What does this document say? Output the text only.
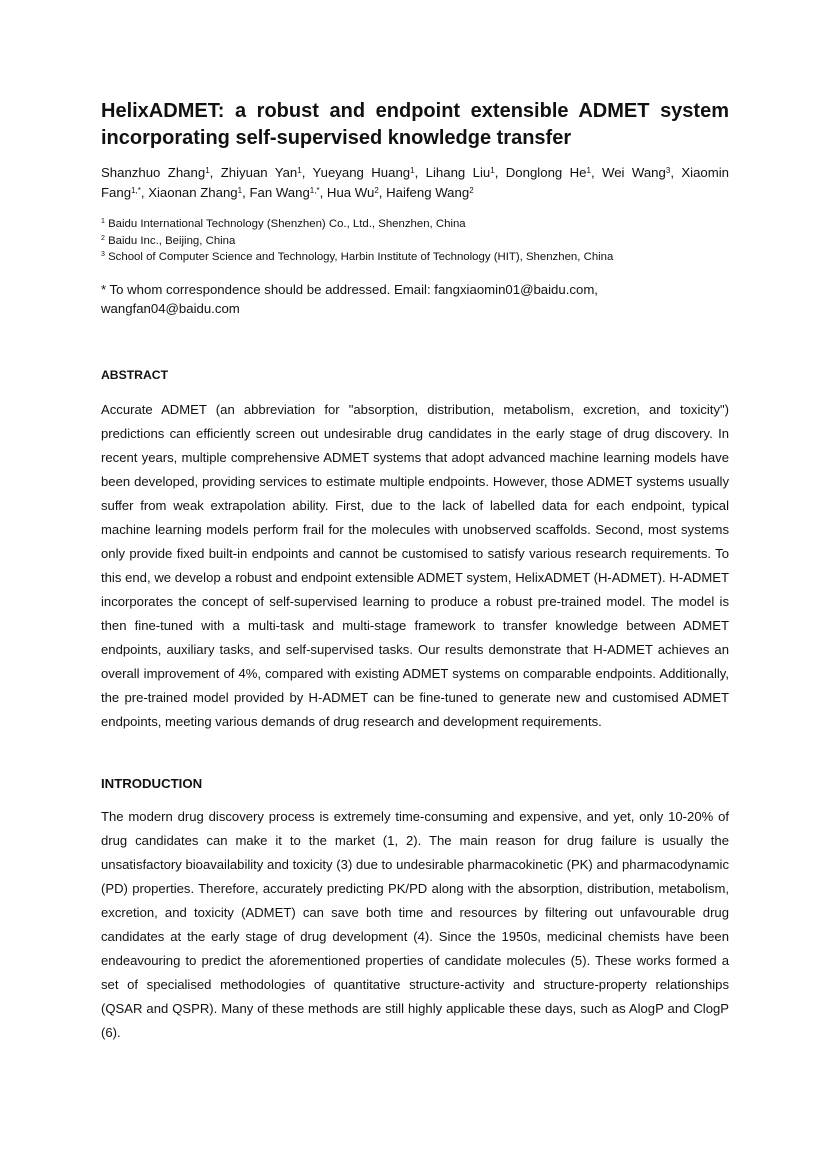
HelixADMET: a robust and endpoint extensible ADMET system incorporating self-supervised knowledge transfer
Shanzhuo Zhang$^1$, Zhiyuan Yan$^1$, Yueyang Huang$^1$, Lihang Liu$^1$, Donglong He$^1$, Wei Wang$^3$, Xiaomin Fang$^{1,*}$, Xiaonan Zhang$^1$, Fan Wang$^{1,*}$, Hua Wu$^2$, Haifeng Wang$^2$
$^1$ Baidu International Technology (Shenzhen) Co., Ltd., Shenzhen, China
$^2$ Baidu Inc., Beijing, China
$^3$ School of Computer Science and Technology, Harbin Institute of Technology (HIT), Shenzhen, China
* To whom correspondence should be addressed. Email: fangxiaomin01@baidu.com, wangfan04@baidu.com
ABSTRACT
Accurate ADMET (an abbreviation for "absorption, distribution, metabolism, excretion, and toxicity") predictions can efficiently screen out undesirable drug candidates in the early stage of drug discovery. In recent years, multiple comprehensive ADMET systems that adopt advanced machine learning models have been developed, providing services to estimate multiple endpoints. However, those ADMET systems usually suffer from weak extrapolation ability. First, due to the lack of labelled data for each endpoint, typical machine learning models perform frail for the molecules with unobserved scaffolds. Second, most systems only provide fixed built-in endpoints and cannot be customised to satisfy various research requirements. To this end, we develop a robust and endpoint extensible ADMET system, HelixADMET (H-ADMET). H-ADMET incorporates the concept of self-supervised learning to produce a robust pre-trained model. The model is then fine-tuned with a multi-task and multi-stage framework to transfer knowledge between ADMET endpoints, auxiliary tasks, and self-supervised tasks. Our results demonstrate that H-ADMET achieves an overall improvement of 4%, compared with existing ADMET systems on comparable endpoints. Additionally, the pre-trained model provided by H-ADMET can be fine-tuned to generate new and customised ADMET endpoints, meeting various demands of drug research and development requirements.
INTRODUCTION
The modern drug discovery process is extremely time-consuming and expensive, and yet, only 10-20% of drug candidates can make it to the market (1, 2). The main reason for drug failure is usually the unsatisfactory bioavailability and toxicity (3) due to undesirable pharmacokinetic (PK) and pharmacodynamic (PD) properties. Therefore, accurately predicting PK/PD along with the absorption, distribution, metabolism, excretion, and toxicity (ADMET) can save both time and resources by filtering out unfavourable drug candidates at the early stage of drug development (4). Since the 1950s, medicinal chemists have been endeavouring to predict the aforementioned properties of candidate molecules (5). These works formed a set of specialised methodologies of quantitative structure-activity and structure-property relationships (QSAR and QSPR). Many of these methods are still highly applicable these days, such as AlogP and ClogP (6).
